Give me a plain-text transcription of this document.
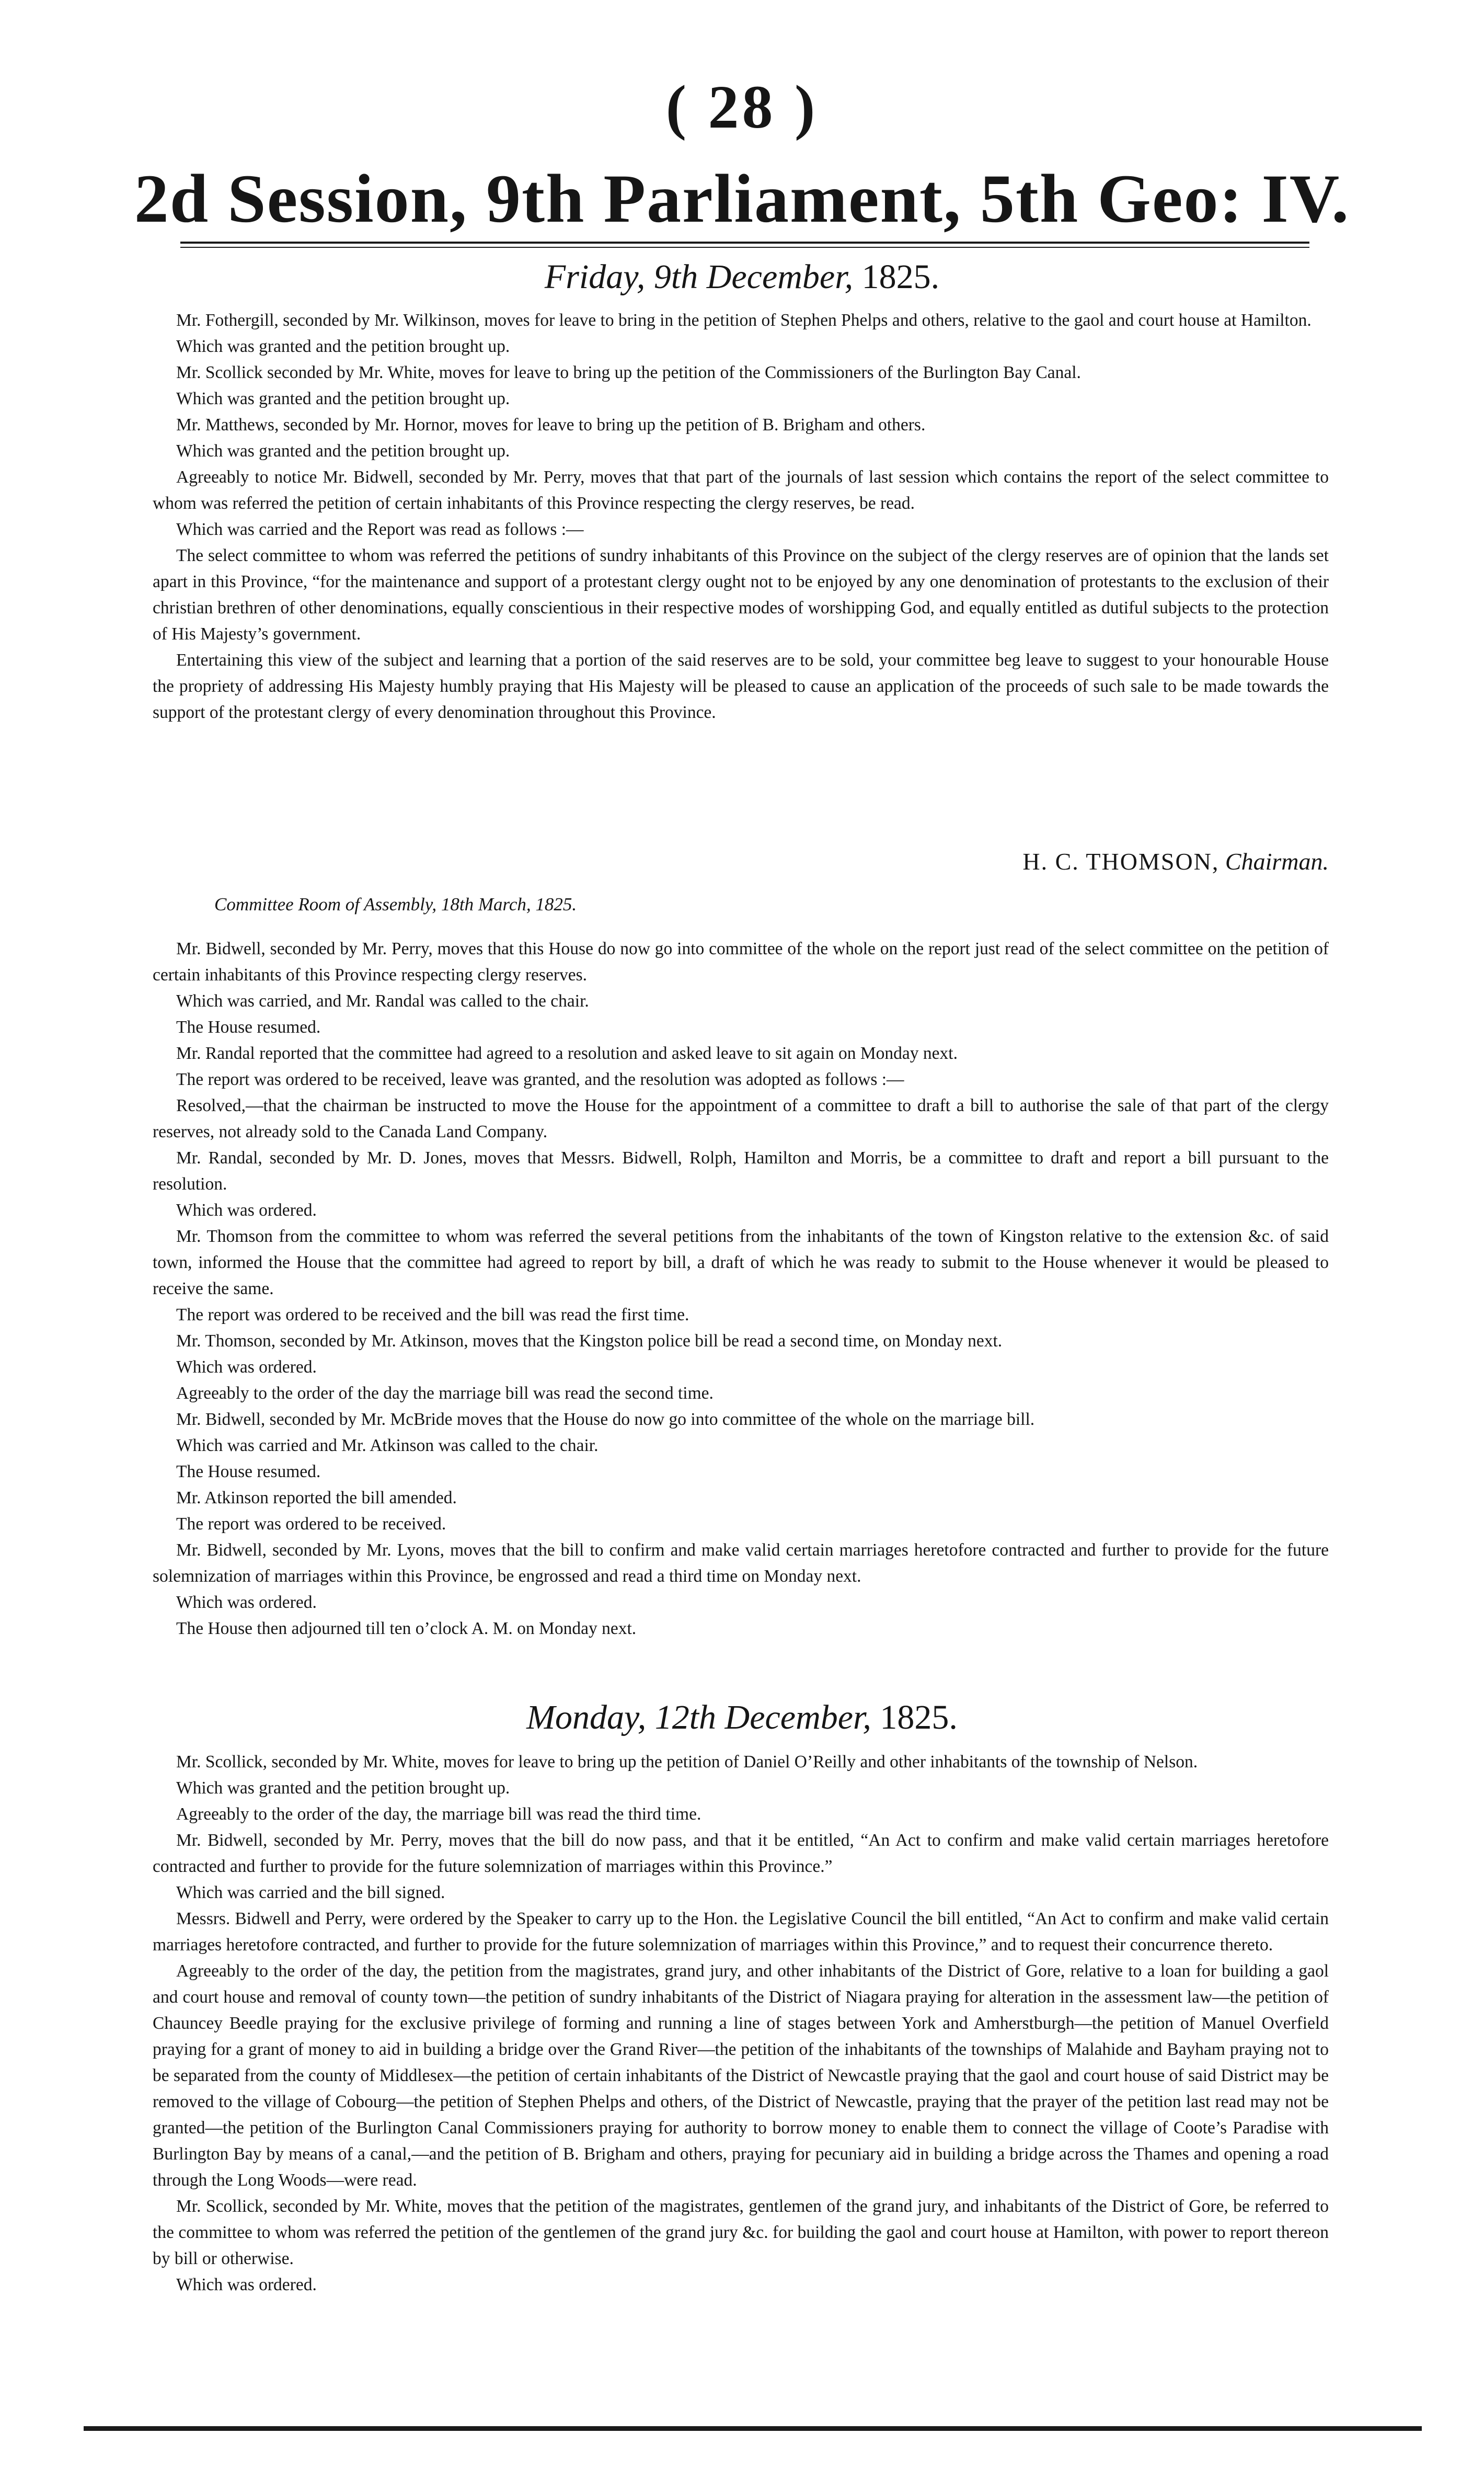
( 28 )
2d Session, 9th Parliament, 5th Geo: IV.
Friday, 9th December, 1825.

Mr. Fothergill, seconded by Mr. Wilkinson, moves for leave to bring in the petition of Stephen Phelps and others, relative to the gaol and court house at Hamilton.

Which was granted and the petition brought up.

Mr. Scollick seconded by Mr. White, moves for leave to bring up the petition of the Commissioners of the Burlington Bay Canal.

Which was granted and the petition brought up.

Mr. Matthews, seconded by Mr. Hornor, moves for leave to bring up the petition of B. Brigham and others.

Which was granted and the petition brought up.

Agreeably to notice Mr. Bidwell, seconded by Mr. Perry, moves that that part of the journals of last session which contains the report of the select committee to whom was referred the petition of certain inhabitants of this Province respecting the clergy reserves, be read.

Which was carried and the Report was read as follows :—

The select committee to whom was referred the petitions of sundry inhabitants of this Province on the subject of the clergy reserves are of opinion that the lands set apart in this Province, “for the maintenance and support of a protestant clergy ought not to be enjoyed by any one denomination of protestants to the exclusion of their christian brethren of other denominations, equally conscientious in their respective modes of worshipping God, and equally entitled as dutiful subjects to the protection of His Majesty’s government.

Entertaining this view of the subject and learning that a portion of the said reserves are to be sold, your committee beg leave to suggest to your honourable House the propriety of addressing His Majesty humbly praying that His Majesty will be pleased to cause an application of the proceeds of such sale to be made towards the support of the protestant clergy of every denomination throughout this Province.

H. C. THOMSON, Chairman.
Committee Room of Assembly, 18th March, 1825.

Mr. Bidwell, seconded by Mr. Perry, moves that this House do now go into committee of the whole on the report just read of the select committee on the petition of certain inhabitants of this Province respecting clergy reserves.

Which was carried, and Mr. Randal was called to the chair.

The House resumed.

Mr. Randal reported that the committee had agreed to a resolution and asked leave to sit again on Monday next.

The report was ordered to be received, leave was granted, and the resolution was adopted as follows :—

Resolved,—that the chairman be instructed to move the House for the appointment of a committee to draft a bill to authorise the sale of that part of the clergy reserves, not already sold to the Canada Land Company.

Mr. Randal, seconded by Mr. D. Jones, moves that Messrs. Bidwell, Rolph, Hamilton and Morris, be a committee to draft and report a bill pursuant to the resolution.

Which was ordered.

Mr. Thomson from the committee to whom was referred the several petitions from the inhabitants of the town of Kingston relative to the extension &c. of said town, informed the House that the committee had agreed to report by bill, a draft of which he was ready to submit to the House whenever it would be pleased to receive the same.

The report was ordered to be received and the bill was read the first time.

Mr. Thomson, seconded by Mr. Atkinson, moves that the Kingston police bill be read a second time, on Monday next.

Which was ordered.

Agreeably to the order of the day the marriage bill was read the second time.

Mr. Bidwell, seconded by Mr. McBride moves that the House do now go into committee of the whole on the marriage bill.

Which was carried and Mr. Atkinson was called to the chair.

The House resumed.

Mr. Atkinson reported the bill amended.

The report was ordered to be received.

Mr. Bidwell, seconded by Mr. Lyons, moves that the bill to confirm and make valid certain marriages heretofore contracted and further to provide for the future solemnization of marriages within this Province, be engrossed and read a third time on Monday next.

Which was ordered.

The House then adjourned till ten o’clock A. M. on Monday next.

Monday, 12th December, 1825.

Mr. Scollick, seconded by Mr. White, moves for leave to bring up the petition of Daniel O’Reilly and other inhabitants of the township of Nelson.

Which was granted and the petition brought up.

Agreeably to the order of the day, the marriage bill was read the third time.

Mr. Bidwell, seconded by Mr. Perry, moves that the bill do now pass, and that it be entitled, “An Act to confirm and make valid certain marriages heretofore contracted and further to provide for the future solemnization of marriages within this Province.”

Which was carried and the bill signed.

Messrs. Bidwell and Perry, were ordered by the Speaker to carry up to the Hon. the Legislative Council the bill entitled, “An Act to confirm and make valid certain marriages heretofore contracted, and further to provide for the future solemnization of marriages within this Province,” and to request their concurrence thereto.

Agreeably to the order of the day, the petition from the magistrates, grand jury, and other inhabitants of the District of Gore, relative to a loan for building a gaol and court house and removal of county town—the petition of sundry inhabitants of the District of Niagara praying for alteration in the assessment law—the petition of Chauncey Beedle praying for the exclusive privilege of forming and running a line of stages between York and Amherstburgh—the petition of Manuel Overfield praying for a grant of money to aid in building a bridge over the Grand River—the petition of the inhabitants of the townships of Malahide and Bayham praying not to be separated from the county of Middlesex—the petition of certain inhabitants of the District of Newcastle praying that the gaol and court house of said District may be removed to the village of Cobourg—the petition of Stephen Phelps and others, of the District of Newcastle, praying that the prayer of the petition last read may not be granted—the petition of the Burlington Canal Commissioners praying for authority to borrow money to enable them to connect the village of Coote’s Paradise with Burlington Bay by means of a canal,—and the petition of B. Brigham and others, praying for pecuniary aid in building a bridge across the Thames and opening a road through the Long Woods—were read.

Mr. Scollick, seconded by Mr. White, moves that the petition of the magistrates, gentlemen of the grand jury, and inhabitants of the District of Gore, be referred to the committee to whom was referred the petition of the gentlemen of the grand jury &c. for building the gaol and court house at Hamilton, with power to report thereon by bill or otherwise.

Which was ordered.
